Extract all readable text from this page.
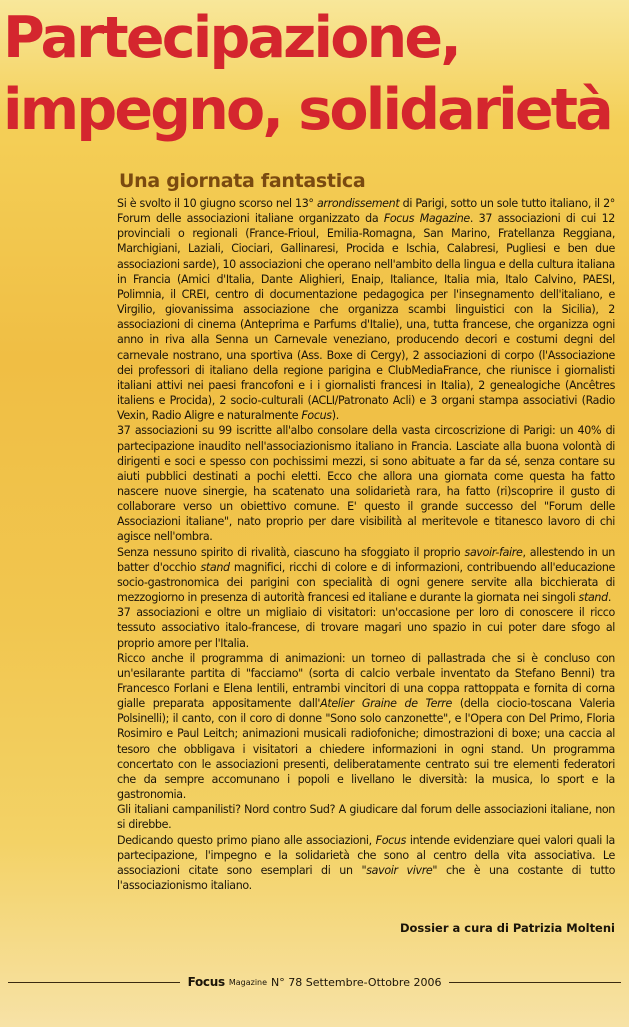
Partecipazione,
impegno, solidarietà
Una giornata fantastica

Si è svolto il 10 giugno scorso nel 13° arrondissement di Parigi, sotto un sole tutto italiano, il 2° Forum delle associazioni italiane organizzato da Focus Magazine. 37 associazioni di cui 12 provinciali o regionali (France-Frioul, Emilia-Romagna, San Marino, Fratellanza Reggiana, Marchigiani, Laziali, Ciociari, Gallinaresi, Procida e Ischia, Calabresi, Pugliesi e ben due associazioni sarde), 10 associazioni che operano nell'ambito della lingua e della cultura italiana in Francia (Amici d'Italia, Dante Alighieri, Enaip, Italiance, Italia mia, Italo Calvino, PAESI, Polimnia, il CREI, centro di documentazione pedagogica per l'insegnamento dell'italiano, e Virgilio, giovanissima associazione che organizza scambi linguistici con la Sicilia), 2 associazioni di cinema (Anteprima e Parfums d'Italie), una, tutta francese, che organizza ogni anno in riva alla Senna un Carnevale veneziano, producendo decori e costumi degni del carnevale nostrano, una sportiva (Ass. Boxe di Cergy), 2 associazioni di corpo (l'Associazione dei professori di italiano della regione parigina e ClubMediaFrance, che riunisce i giornalisti italiani attivi nei paesi francofoni e i i giornalisti francesi in Italia), 2 genealogiche (Ancêtres italiens e Procida), 2 socio-culturali (ACLI/Patronato Acli) e 3 organi stampa associativi (Radio Vexin, Radio Aligre e naturalmente Focus).

37 associazioni su 99 iscritte all'albo consolare della vasta circoscrizione di Parigi: un 40% di partecipazione inaudito nell'associazionismo italiano in Francia. Lasciate alla buona volontà di dirigenti e soci e spesso con pochissimi mezzi, si sono abituate a far da sé, senza contare su aiuti pubblici destinati a pochi eletti. Ecco che allora una giornata come questa ha fatto nascere nuove sinergie, ha scatenato una solidarietà rara, ha fatto (ri)scoprire il gusto di collaborare verso un obiettivo comune. E' questo il grande successo del "Forum delle Associazioni italiane", nato proprio per dare visibilità al meritevole e titanesco lavoro di chi agisce nell'ombra.

Senza nessuno spirito di rivalità, ciascuno ha sfoggiato il proprio savoir-faire, allestendo in un batter d'occhio stand magnifici, ricchi di colore e di informazioni, contribuendo all'educazione socio-gastronomica dei parigini con specialità di ogni genere servite alla bicchierata di mezzogiorno in presenza di autorità francesi ed italiane e durante la giornata nei singoli stand.

37 associazioni e oltre un migliaio di visitatori: un'occasione per loro di conoscere il ricco tessuto associativo italo-francese, di trovare magari uno spazio in cui poter dare sfogo al proprio amore per l'Italia.

Ricco anche il programma di animazioni: un torneo di pallastrada che si è concluso con un'esilarante partita di "facciamo" (sorta di calcio verbale inventato da Stefano Benni) tra Francesco Forlani e Elena Ientili, entrambi vincitori di una coppa rattoppata e fornita di corna gialle preparata appositamente dall'Atelier Graine de Terre (della ciocio-toscana Valeria Polsinelli); il canto, con il coro di donne "Sono solo canzonette", e l'Opera con Del Primo, Floria Rosimiro e Paul Leitch; animazioni musicali radiofoniche; dimostrazioni di boxe; una caccia al tesoro che obbligava i visitatori a chiedere informazioni in ogni stand. Un programma concertato con le associazioni presenti, deliberatamente centrato sui tre elementi federatori che da sempre accomunano i popoli e livellano le diversità: la musica, lo sport e la gastronomia.

Gli italiani campanilisti? Nord contro Sud? A giudicare dal forum delle associazioni italiane, non si direbbe.

Dedicando questo primo piano alle associazioni, Focus intende evidenziare quei valori quali la partecipazione, l'impegno e la solidarietà che sono al centro della vita associativa. Le associazioni citate sono esemplari di un "savoir vivre" che è una costante di tutto l'associazionismo italiano.

Dossier a cura di Patrizia Molteni
Focus Magazine N° 78 Settembre-Ottobre 2006
